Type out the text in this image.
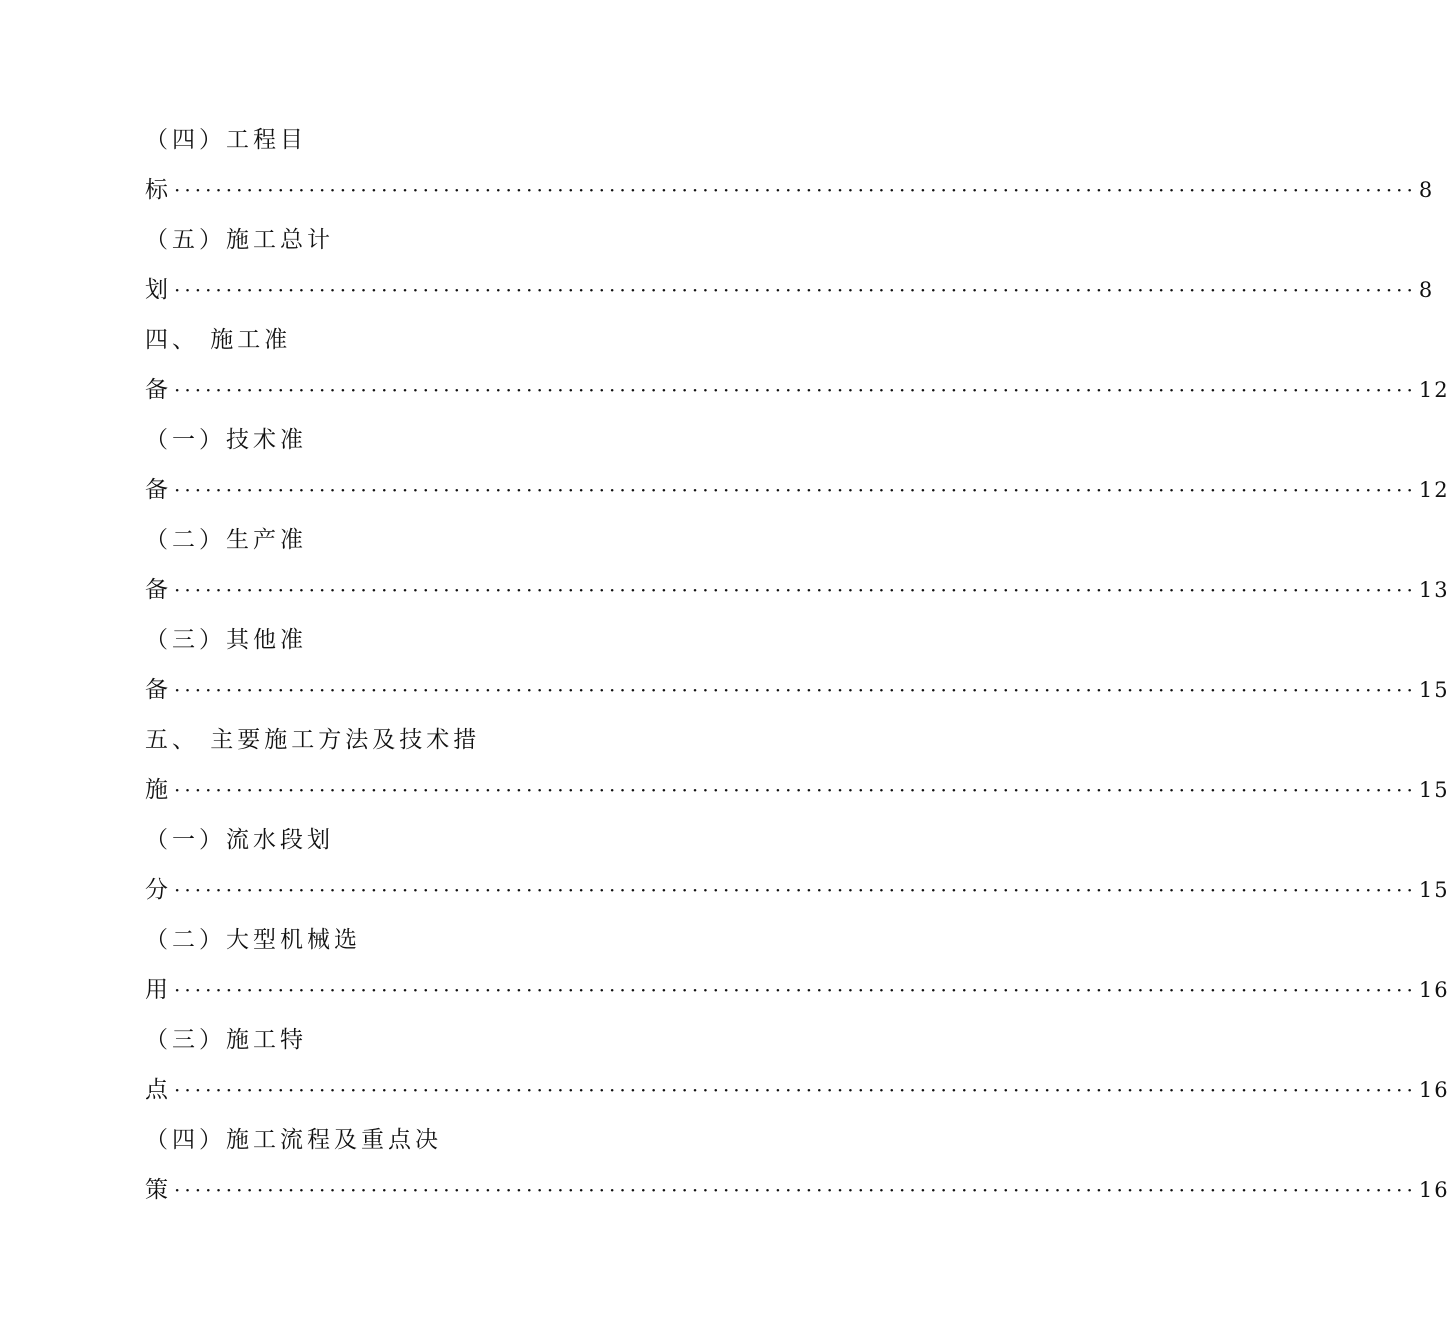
（四）工程目
标 ························································································································ 8
（五）施工总计
划 ························································································································ 8
四、 施工准
备 ························································································································ 12
（一）技术准
备 ························································································································ 12
（二）生产准
备 ························································································································ 13
（三）其他准
备 ························································································································ 15
五、 主要施工方法及技术措
施 ························································································································ 15
（一）流水段划
分 ························································································································ 15
（二）大型机械选
用 ························································································································ 16
（三）施工特
点 ························································································································ 16
（四）施工流程及重点决
策 ························································································································ 16
